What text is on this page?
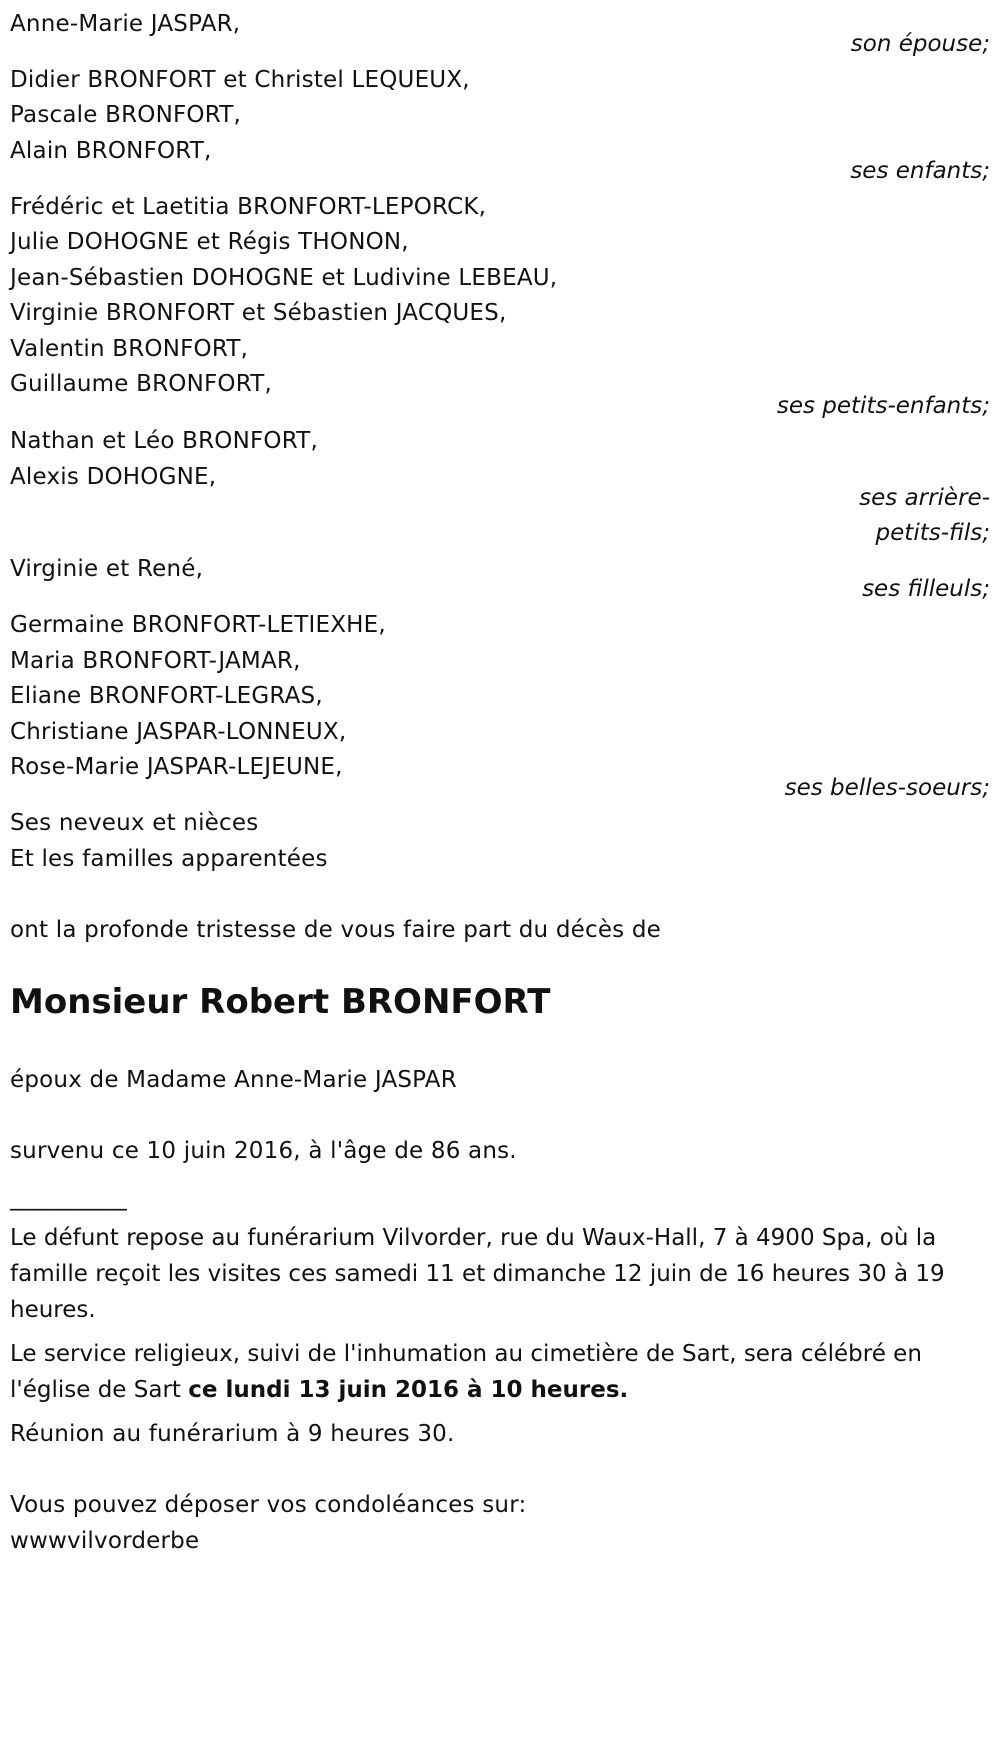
Anne-Marie JASPAR,
son épouse;
Didier BRONFORT et Christel LEQUEUX,
Pascale BRONFORT,
Alain BRONFORT,
ses enfants;
Frédéric et Laetitia BRONFORT-LEPORCK,
Julie DOHOGNE et Régis THONON,
Jean-Sébastien DOHOGNE et Ludivine LEBEAU,
Virginie BRONFORT et Sébastien JACQUES,
Valentin BRONFORT,
Guillaume BRONFORT,
ses petits-enfants;
Nathan et Léo BRONFORT,
Alexis DOHOGNE,
ses arrière-
petits-fils;
Virginie et René,
ses filleuls;
Germaine BRONFORT-LETIEXHE,
Maria BRONFORT-JAMAR,
Eliane BRONFORT-LEGRAS,
Christiane JASPAR-LONNEUX,
Rose-Marie JASPAR-LEJEUNE,
ses belles-soeurs;
Ses neveux et nièces
Et les familles apparentées
ont la profonde tristesse de vous faire part du décès de
Monsieur Robert BRONFORT
époux de Madame Anne-Marie JASPAR
survenu ce 10 juin 2016, à l'âge de 86 ans.
__________
Le défunt repose au funérarium Vilvorder, rue du Waux-Hall, 7 à 4900 Spa, où la famille reçoit les visites ces samedi 11 et dimanche 12 juin de 16 heures 30 à 19 heures.
Le service religieux, suivi de l'inhumation au cimetière de Sart, sera célébré en l'église de Sart ce lundi 13 juin 2016 à 10 heures.
Réunion au funérarium à 9 heures 30.
Vous pouvez déposer vos condoléances sur:
wwwvilvorderbe
